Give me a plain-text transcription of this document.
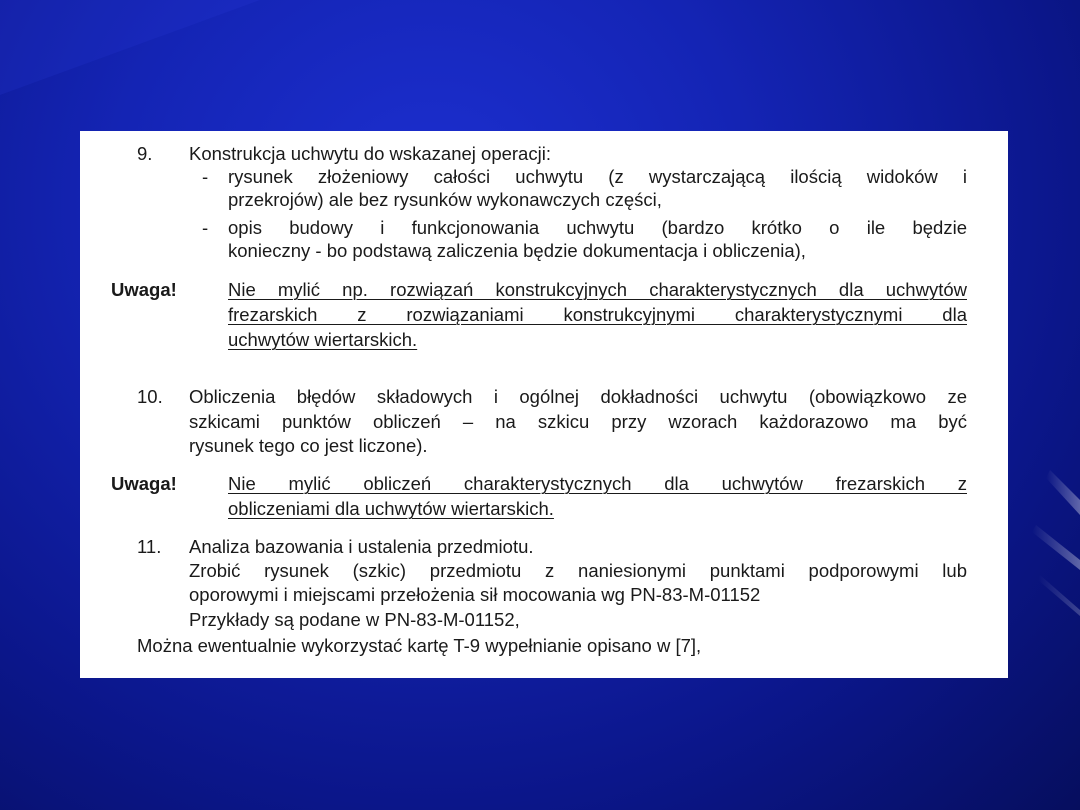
9. Konstrukcja uchwytu do wskazanej operacji:
- rysunek złożeniowy całości uchwytu (z wystarczającą ilością widoków i
przekrojów) ale bez rysunków wykonawczych części,
- opis budowy i funkcjonowania uchwytu (bardzo krótko o ile będzie
konieczny - bo podstawą zaliczenia będzie dokumentacja i obliczenia),
Uwaga!	Nie mylić np. rozwiązań konstrukcyjnych charakterystycznych dla uchwytów
frezarskich z rozwiązaniami konstrukcyjnymi charakterystycznymi dla
uchwytów wiertarskich.
10. Obliczenia błędów składowych i ogólnej dokładności uchwytu (obowiązkowo ze
szkicami punktów obliczeń – na szkicu przy wzorach każdorazowo ma być
rysunek tego co jest liczone).
Uwaga!	Nie mylić obliczeń charakterystycznych dla uchwytów frezarskich z
obliczeniami dla uchwytów wiertarskich.
11. Analiza bazowania i ustalenia przedmiotu.
Zrobić rysunek (szkic) przedmiotu z naniesionymi punktami podporowymi lub
oporowymi i miejscami przełożenia sił mocowania wg PN-83-M-01152
Przykłady są podane w PN-83-M-01152,
Można ewentualnie wykorzystać kartę T-9 wypełnianie opisano w [7],
